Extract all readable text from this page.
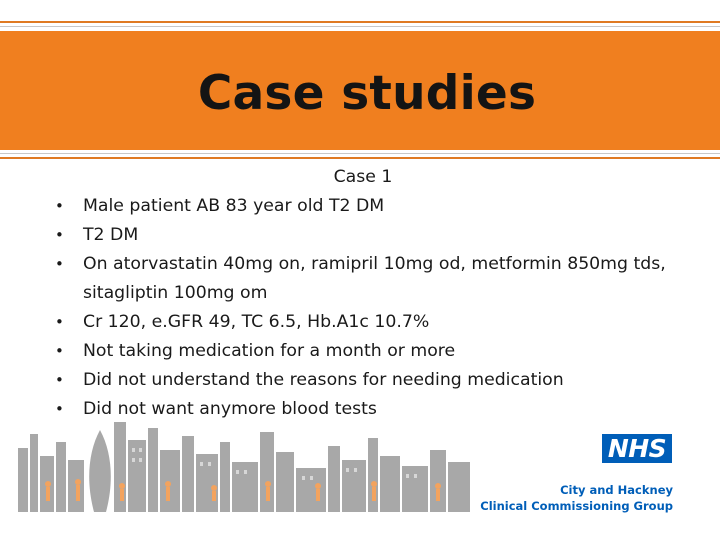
Case studies
Case 1
• Male patient AB 83 year old T2 DM
• T2 DM
• On atorvastatin 40mg on, ramipril 10mg od, metformin 850mg tds, sitagliptin 100mg om
• Cr 120, e.GFR 49, TC 6.5, Hb.A1c 10.7%
• Not taking medication for a month or more
• Did not understand the reasons for needing medication
• Did not want anymore blood tests
NHS
City and Hackney
Clinical Commissioning Group
